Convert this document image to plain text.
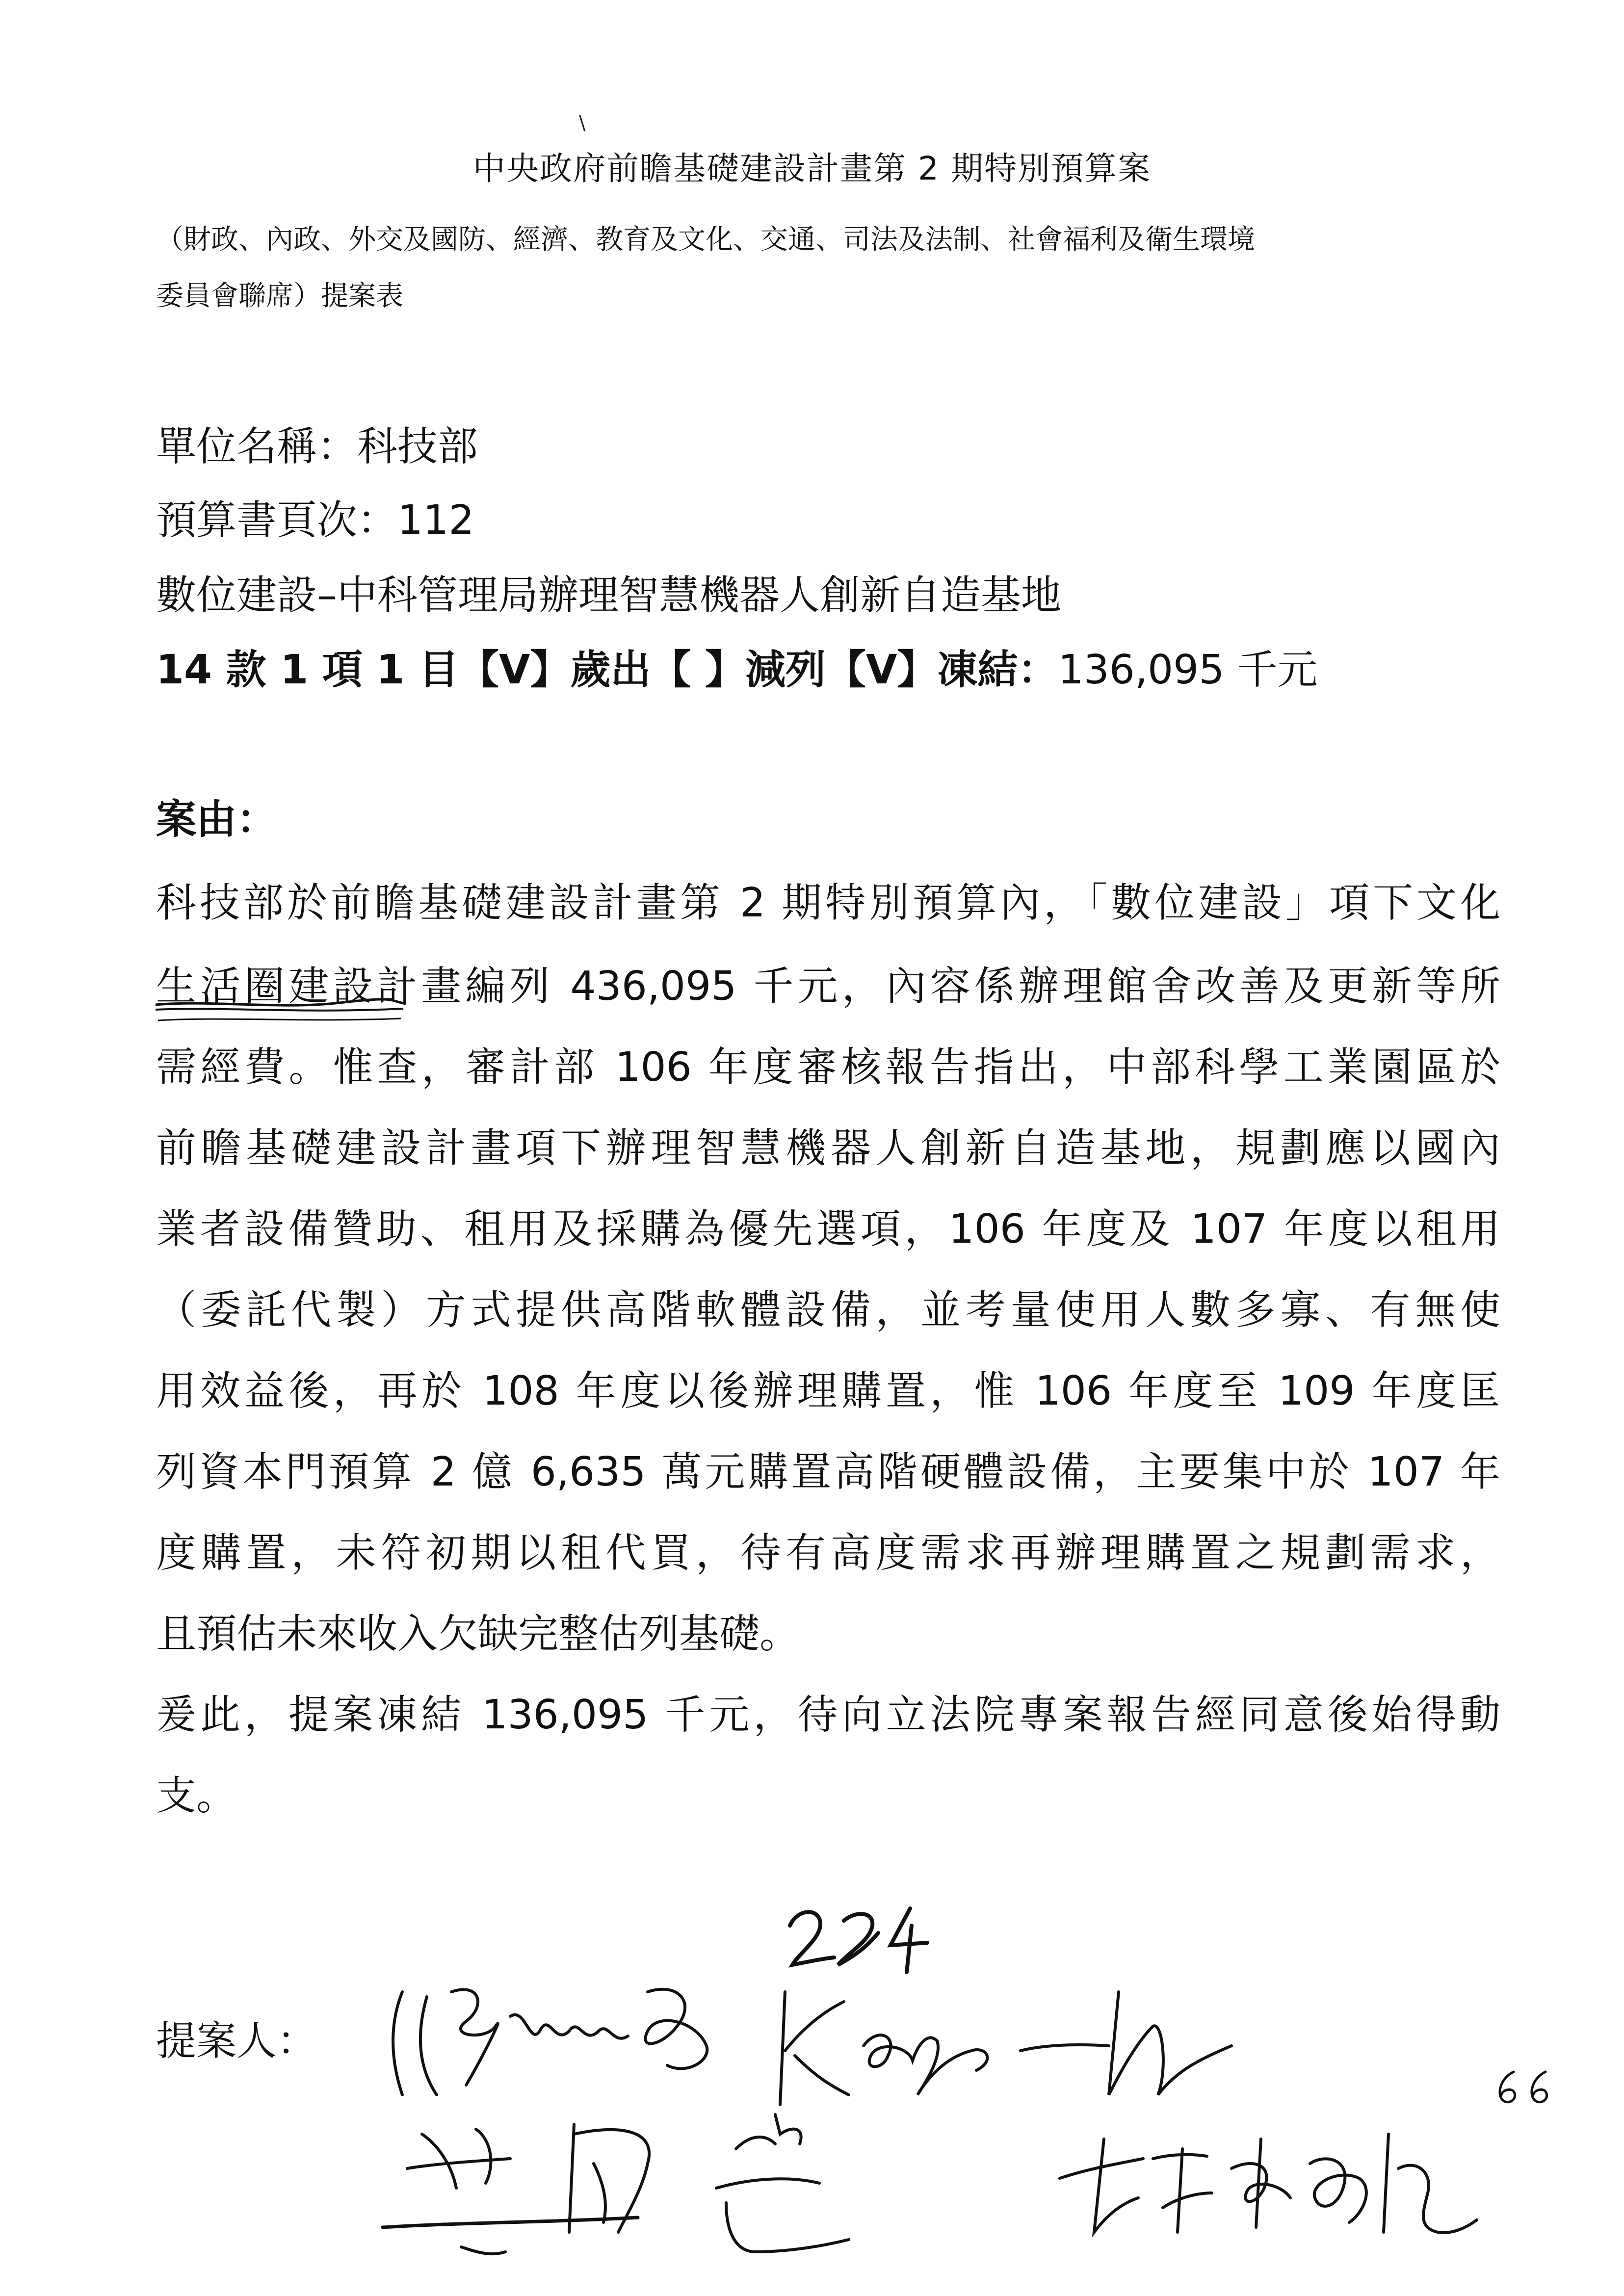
\
中央政府前瞻基礎建設計畫第 2 期特別預算案
（財政、內政、外交及國防、經濟、教育及文化、交通、司法及法制、社會福利及衛生環境
委員會聯席）提案表
單位名稱：科技部
預算書頁次：112
數位建設–中科管理局辦理智慧機器人創新自造基地
14 款 1 項 1 目【V】歲出【 】減列【V】凍結：136,095 千元
案由：
科技部於前瞻基礎建設計畫第 2 期特別預算內，「數位建設」項下文化
生活圈建設計畫編列 436,095 千元，內容係辦理館舍改善及更新等所
需經費。惟查，審計部 106 年度審核報告指出，中部科學工業園區於
前瞻基礎建設計畫項下辦理智慧機器人創新自造基地，規劃應以國內
業者設備贊助、租用及採購為優先選項，106 年度及 107 年度以租用
（委託代製）方式提供高階軟體設備，並考量使用人數多寡、有無使
用效益後，再於 108 年度以後辦理購置，惟 106 年度至 109 年度匡
列資本門預算 2 億 6,635 萬元購置高階硬體設備，主要集中於 107 年
度購置，未符初期以租代買，待有高度需求再辦理購置之規劃需求，
且預估未來收入欠缺完整估列基礎。
爰此，提案凍結 136,095 千元，待向立法院專案報告經同意後始得動
支。
提案人：
